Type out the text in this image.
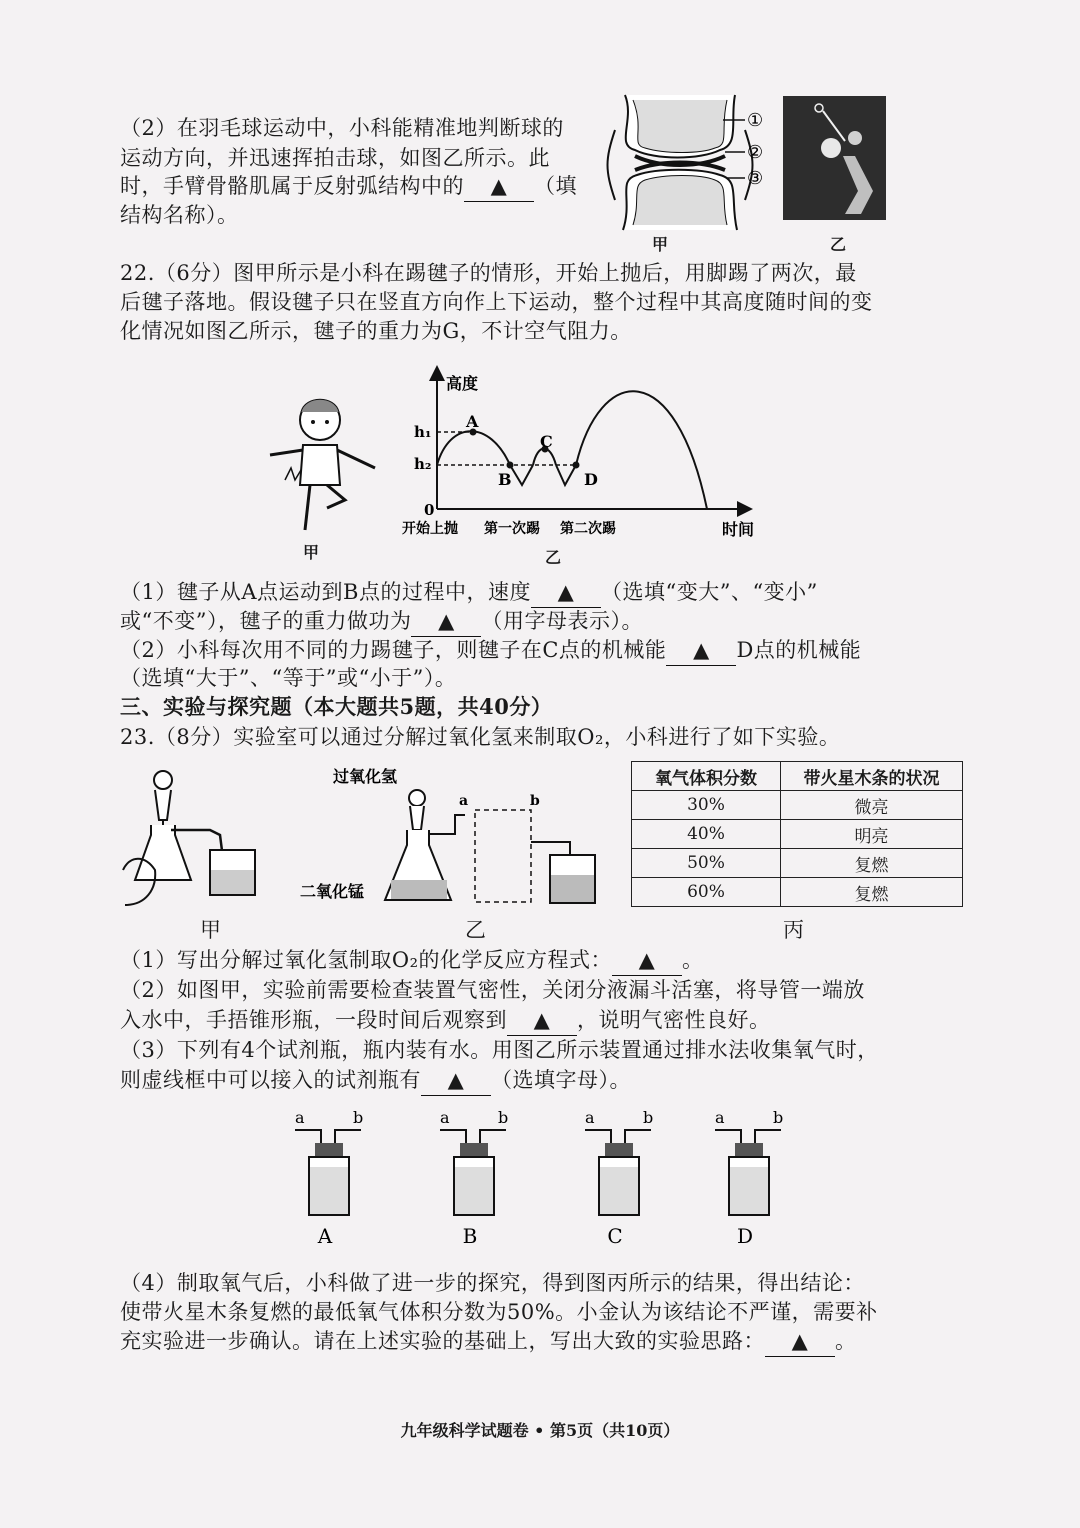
（2）在羽毛球运动中，小科能精准地判断球的
运动方向，并迅速挥拍击球，如图乙所示。此
时，手臂骨骼肌属于反射弧结构中的 ▲ （填
结构名称）。
①
②
③
甲	乙
22.（6分）图甲所示是小科在踢毽子的情形，开始上抛后，用脚踢了两次，最
后毽子落地。假设毽子只在竖直方向作上下运动，整个过程中其高度随时间的变
化情况如图乙所示，毽子的重力为G，不计空气阻力。
甲
高度
时间
h₁
h₂
0
开始上抛 第一次踢 第二次踢
A
B
C
D
乙
（1）毽子从A点运动到B点的过程中，速度 ▲ （选填“变大”、“变小”
或“不变”），毽子的重力做功为 ▲ （用字母表示）。
（2）小科每次用不同的力踢毽子，则毽子在C点的机械能 ▲ D点的机械能
（选填“大于”、“等于”或“小于”）。
三、实验与探究题（本大题共5题，共40分）
23.（8分）实验室可以通过分解过氧化氢来制取O₂，小科进行了如下实验。
甲
过氧化氢
二氧化锰
a	b
乙
氧气体积分数	带火星木条的状况
30%	微亮
40%	明亮
50%	复燃
60%	复燃
丙
（1）写出分解过氧化氢制取O₂的化学反应方程式： ▲ 。
（2）如图甲，实验前需要检查装置气密性，关闭分液漏斗活塞，将导管一端放
入水中，手捂锥形瓶，一段时间后观察到 ▲ ，说明气密性良好。
（3）下列有4个试剂瓶，瓶内装有水。用图乙所示装置通过排水法收集氧气时，
则虚线框中可以接入的试剂瓶有 ▲ （选填字母）。
a	b
A
a	b
B
a	b
C
a	b
D
（4）制取氧气后，小科做了进一步的探究，得到图丙所示的结果，得出结论：
使带火星木条复燃的最低氧气体积分数为50%。小金认为该结论不严谨，需要补
充实验进一步确认。请在上述实验的基础上，写出大致的实验思路： ▲ 。
九年级科学试题卷 • 第5页（共10页）
